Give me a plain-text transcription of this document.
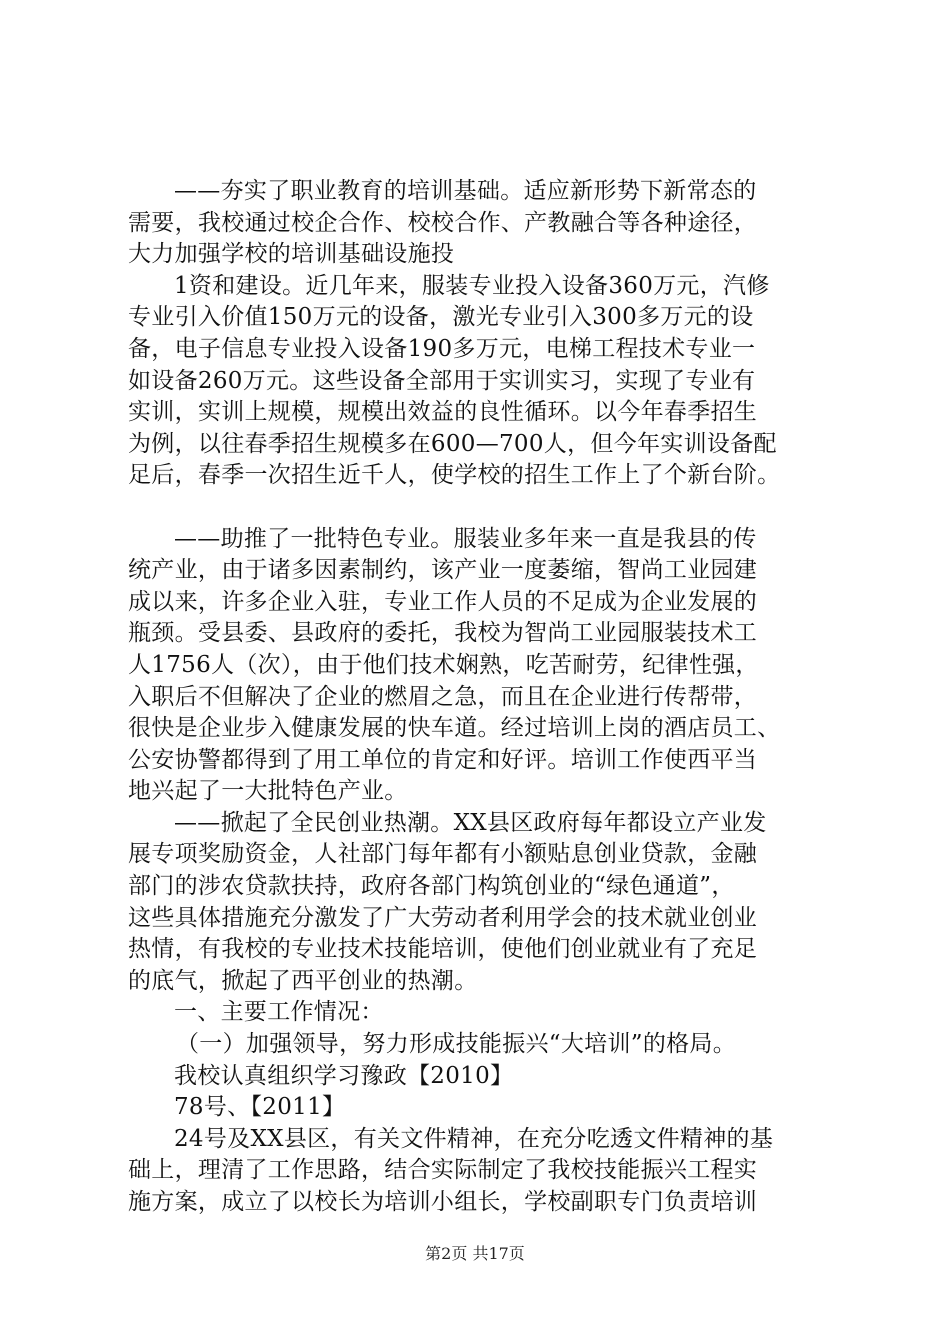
——夯实了职业教育的培训基础。适应新形势下新常态的
需要，我校通过校企合作、校校合作、产教融合等各种途径，
大力加强学校的培训基础设施投
1资和建设。近几年来，服装专业投入设备360万元，汽修
专业引入价值150万元的设备，激光专业引入300多万元的设
备，电子信息专业投入设备190多万元，电梯工程技术专业一
如设备260万元。这些设备全部用于实训实习，实现了专业有
实训，实训上规模，规模出效益的良性循环。以今年春季招生
为例，以往春季招生规模多在600—700人，但今年实训设备配
足后，春季一次招生近千人，使学校的招生工作上了个新台阶。
——助推了一批特色专业。服装业多年来一直是我县的传
统产业，由于诸多因素制约，该产业一度萎缩，智尚工业园建
成以来，许多企业入驻，专业工作人员的不足成为企业发展的
瓶颈。受县委、县政府的委托，我校为智尚工业园服装技术工
人1756人（次），由于他们技术娴熟，吃苦耐劳，纪律性强，
入职后不但解决了企业的燃眉之急，而且在企业进行传帮带，
很快是企业步入健康发展的快车道。经过培训上岗的酒店员工、
公安协警都得到了用工单位的肯定和好评。培训工作使西平当
地兴起了一大批特色产业。
——掀起了全民创业热潮。XX县区政府每年都设立产业发
展专项奖励资金，人社部门每年都有小额贴息创业贷款，金融
部门的涉农贷款扶持，政府各部门构筑创业的“绿色通道”，
这些具体措施充分激发了广大劳动者利用学会的技术就业创业
热情，有我校的专业技术技能培训，使他们创业就业有了充足
的底气，掀起了西平创业的热潮。
一、主要工作情况：
（一）加强领导，努力形成技能振兴“大培训”的格局。
我校认真组织学习豫政【2010】
78号、【2011】
24号及XX县区，有关文件精神，在充分吃透文件精神的基
础上，理清了工作思路，结合实际制定了我校技能振兴工程实
施方案，成立了以校长为培训小组长，学校副职专门负责培训
第2页 共17页
